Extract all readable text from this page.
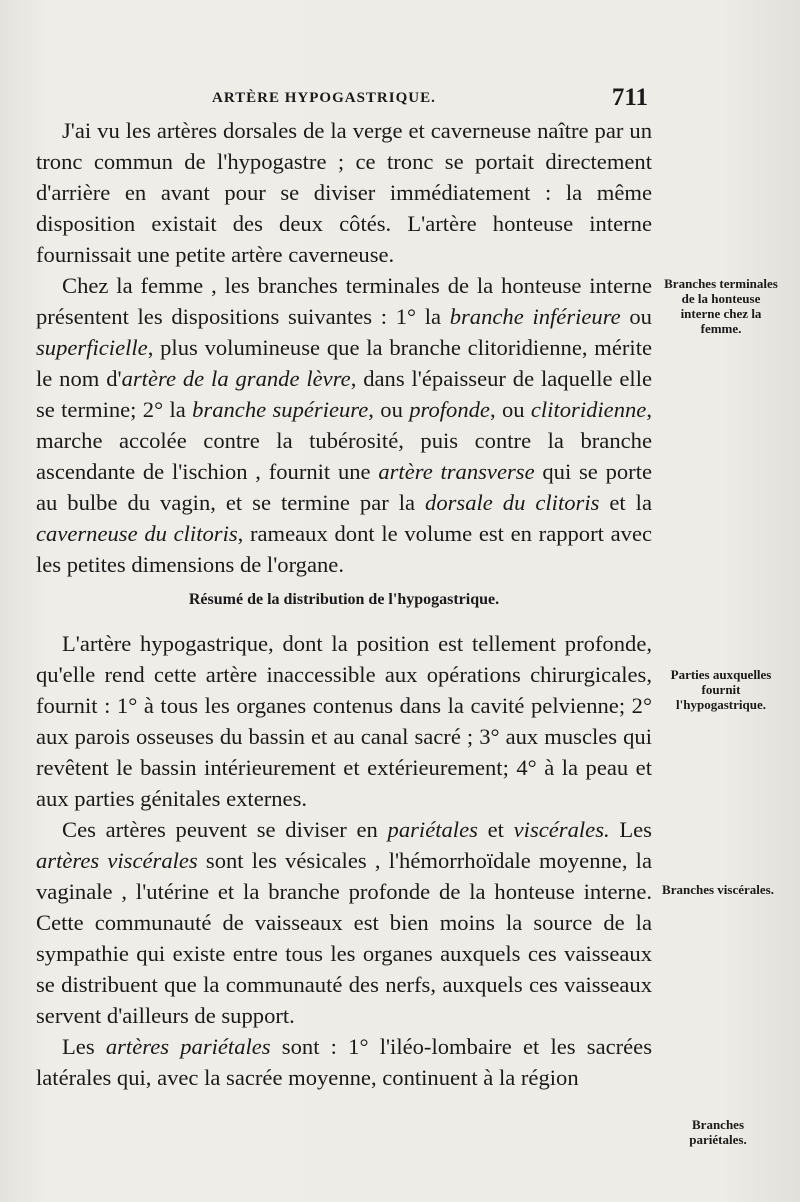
ARTÈRE HYPOGASTRIQUE.	711

J'ai vu les artères dorsales de la verge et caverneuse naître par un tronc commun de l'hypogastre ; ce tronc se portait directement d'arrière en avant pour se diviser immédiatement : la même disposition existait des deux côtés. L'artère honteuse interne fournissait une petite artère caverneuse.

Chez la femme , les branches terminales de la honteuse interne présentent les dispositions suivantes : 1° la branche inférieure ou superficielle, plus volumineuse que la branche clitoridienne, mérite le nom d'artère de la grande lèvre, dans l'épaisseur de laquelle elle se termine; 2° la branche supérieure, ou profonde, ou clitoridienne, marche accolée contre la tubérosité, puis contre la branche ascendante de l'ischion , fournit une artère transverse qui se porte au bulbe du vagin, et se termine par la dorsale du clitoris et la caverneuse du clitoris, rameaux dont le volume est en rapport avec les petites dimensions de l'organe.

Résumé de la distribution de l'hypogastrique.

L'artère hypogastrique, dont la position est tellement profonde, qu'elle rend cette artère inaccessible aux opérations chirurgicales, fournit : 1° à tous les organes contenus dans la cavité pelvienne; 2° aux parois osseuses du bassin et au canal sacré ; 3° aux muscles qui revêtent le bassin intérieurement et extérieurement; 4° à la peau et aux parties génitales externes.

Ces artères peuvent se diviser en pariétales et viscérales. Les artères viscérales sont les vésicales , l'hémorrhoïdale moyenne, la vaginale , l'utérine et la branche profonde de la honteuse interne. Cette communauté de vaisseaux est bien moins la source de la sympathie qui existe entre tous les organes auxquels ces vaisseaux se distribuent que la communauté des nerfs, auxquels ces vaisseaux servent d'ailleurs de support.

Les artères pariétales sont : 1° l'iléo-lombaire et les sacrées latérales qui, avec la sacrée moyenne, continuent à la région

Branches terminales de la honteuse interne chez la femme.
Parties auxquelles fournit l'hypogastrique.
Branches viscérales.
Branches pariétales.
